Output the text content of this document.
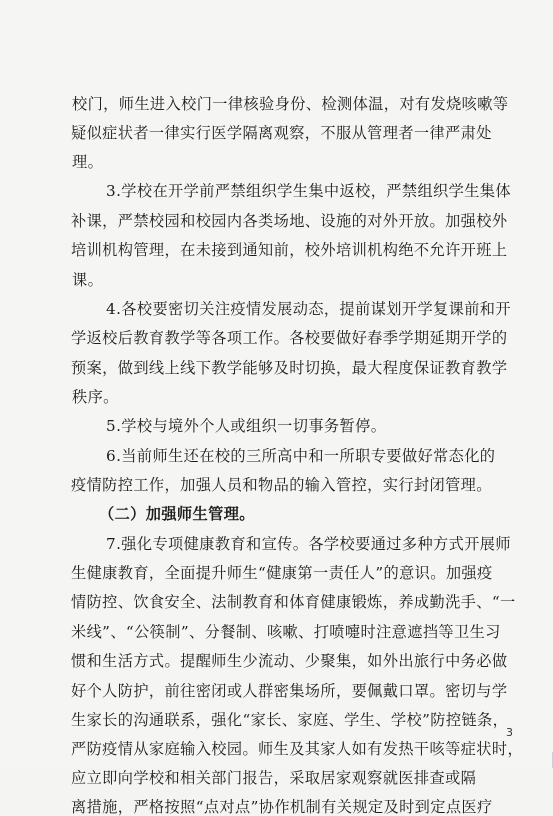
校门，师生进入校门一律核验身份、检测体温，对有发烧咳嗽等
疑似症状者一律实行医学隔离观察，不服从管理者一律严肃处
理。
3.学校在开学前严禁组织学生集中返校，严禁组织学生集体
补课，严禁校园和校园内各类场地、设施的对外开放。加强校外
培训机构管理，在未接到通知前，校外培训机构绝不允许开班上
课。
4.各校要密切关注疫情发展动态，提前谋划开学复课前和开
学返校后教育教学等各项工作。各校要做好春季学期延期开学的
预案，做到线上线下教学能够及时切换，最大程度保证教育教学
秩序。
5.学校与境外个人或组织一切事务暂停。
6.当前师生还在校的三所高中和一所职专要做好常态化的
疫情防控工作，加强人员和物品的输入管控，实行封闭管理。
（二）加强师生管理。
7.强化专项健康教育和宣传。各学校要通过多种方式开展师
生健康教育，全面提升师生“健康第一责任人”的意识。加强疫
情防控、饮食安全、法制教育和体育健康锻炼，养成勤洗手、“一
米线”、“公筷制”、分餐制、咳嗽、打喷嚏时注意遮挡等卫生习
惯和生活方式。提醒师生少流动、少聚集，如外出旅行中务必做
好个人防护，前往密闭或人群密集场所，要佩戴口罩。密切与学
生家长的沟通联系，强化“家长、家庭、学生、学校”防控链条，
严防疫情从家庭输入校园。师生及其家人如有发热干咳等症状时，
应立即向学校和相关部门报告，采取居家观察就医排查或隔
离措施，严格按照“点对点”协作机制有关规定及时到定点医疗
3
